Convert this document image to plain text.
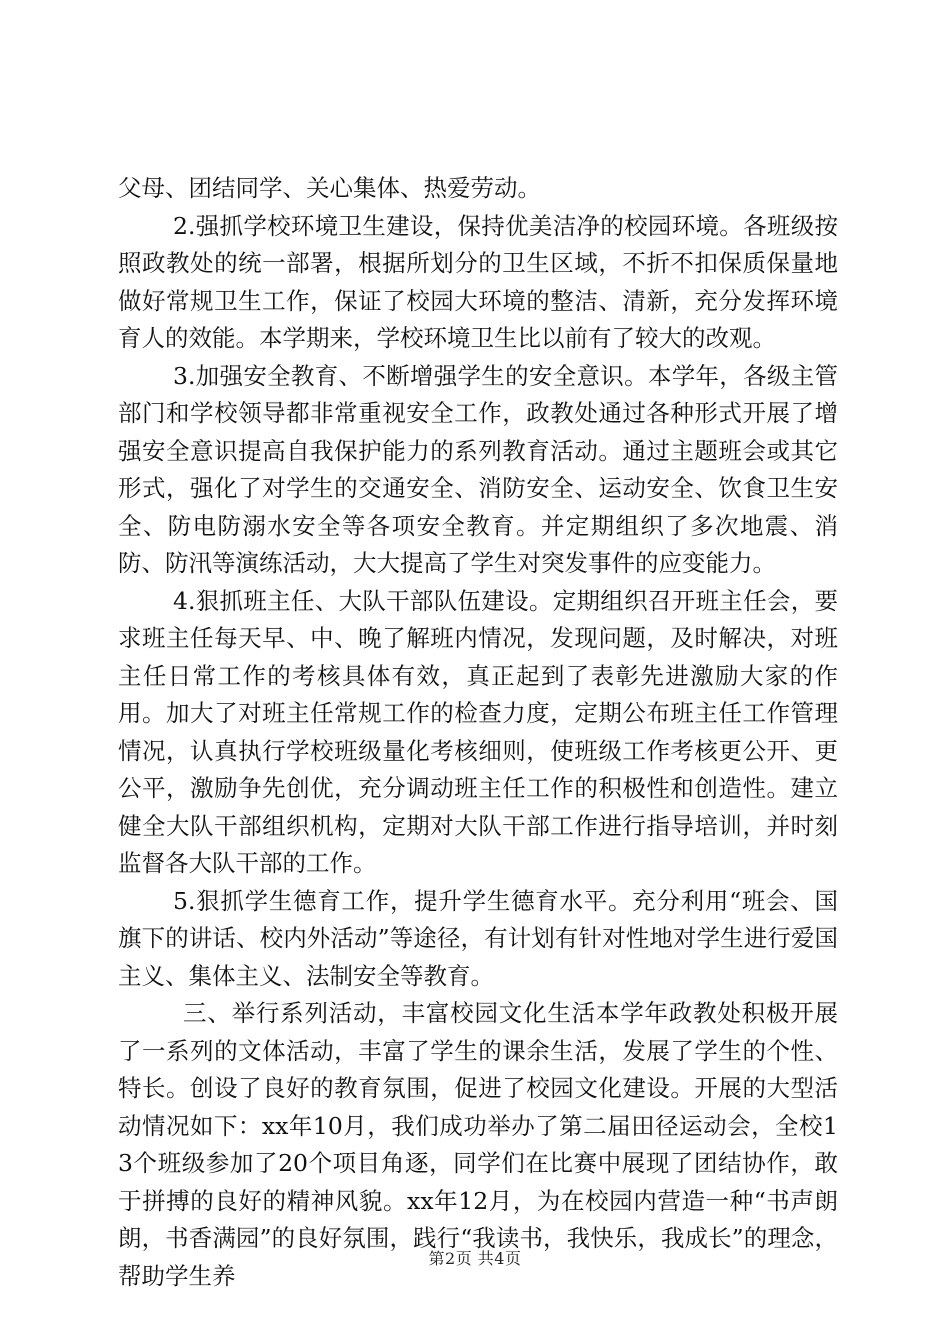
父母、团结同学、关心集体、热爱劳动。

2.强抓学校环境卫生建设，保持优美洁净的校园环境。各班级按照政教处的统一部署，根据所划分的卫生区域，不折不扣保质保量地做好常规卫生工作，保证了校园大环境的整洁、清新，充分发挥环境育人的效能。本学期来，学校环境卫生比以前有了较大的改观。

3.加强安全教育、不断增强学生的安全意识。本学年，各级主管部门和学校领导都非常重视安全工作，政教处通过各种形式开展了增强安全意识提高自我保护能力的系列教育活动。通过主题班会或其它形式，强化了对学生的交通安全、消防安全、运动安全、饮食卫生安全、防电防溺水安全等各项安全教育。并定期组织了多次地震、消防、防汛等演练活动，大大提高了学生对突发事件的应变能力。

4.狠抓班主任、大队干部队伍建设。定期组织召开班主任会，要求班主任每天早、中、晚了解班内情况，发现问题，及时解决，对班主任日常工作的考核具体有效，真正起到了表彰先进激励大家的作用。加大了对班主任常规工作的检查力度，定期公布班主任工作管理情况，认真执行学校班级量化考核细则，使班级工作考核更公开、更公平，激励争先创优，充分调动班主任工作的积极性和创造性。建立健全大队干部组织机构，定期对大队干部工作进行指导培训，并时刻监督各大队干部的工作。

5.狠抓学生德育工作，提升学生德育水平。充分利用“班会、国旗下的讲话、校内外活动”等途径，有计划有针对性地对学生进行爱国主义、集体主义、法制安全等教育。

三、举行系列活动，丰富校园文化生活本学年政教处积极开展了一系列的文体活动，丰富了学生的课余生活，发展了学生的个性、特长。创设了良好的教育氛围，促进了校园文化建设。开展的大型活动情况如下：xx年10月，我们成功举办了第二届田径运动会，全校13个班级参加了20个项目角逐，同学们在比赛中展现了团结协作，敢于拼搏的良好的精神风貌。xx年12月，为在校园内营造一种“书声朗朗，书香满园”的良好氛围，践行“我读书，我快乐，我成长”的理念，帮助学生养

第2页 共4页
